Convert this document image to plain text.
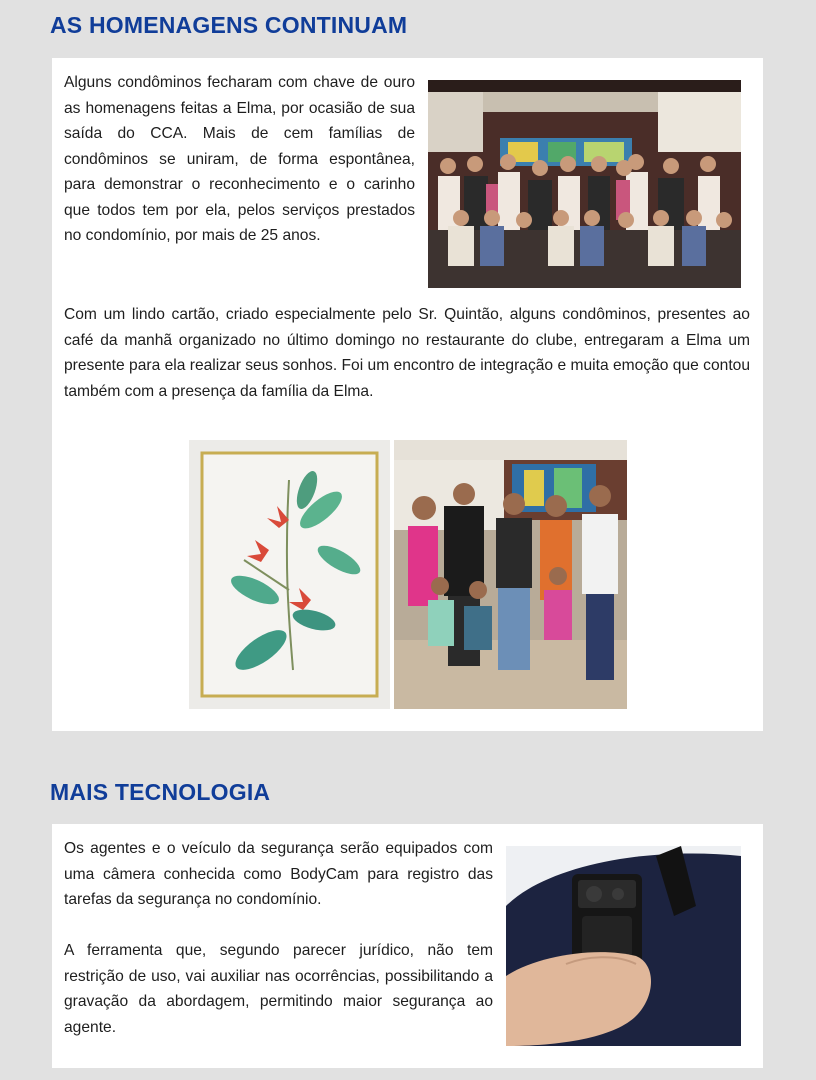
AS HOMENAGENS CONTINUAM

Alguns condôminos fecharam com chave de ouro as homenagens feitas a Elma, por ocasião de sua saída do CCA. Mais de cem famílias de condôminos se uniram, de forma espontânea, para demonstrar o reconhecimento e o carinho que todos tem por ela, pelos serviços prestados no condomínio, por mais de 25 anos.

Com um lindo cartão, criado especialmente pelo Sr. Quintão, alguns condôminos, presentes ao café da manhã organizado no último domingo no restaurante do clube, entregaram a Elma um presente para ela realizar seus sonhos. Foi um encontro de integração e muita emoção que contou também com a presença da família da Elma.

MAIS TECNOLOGIA

Os agentes e o veículo da segurança serão equipados com uma câmera conhecida como BodyCam para registro das tarefas da segurança no condomínio.

A ferramenta que, segundo parecer jurídico, não tem restrição de uso, vai auxiliar nas ocorrências, possibilitando a gravação da abordagem, permitindo maior segurança ao agente.
